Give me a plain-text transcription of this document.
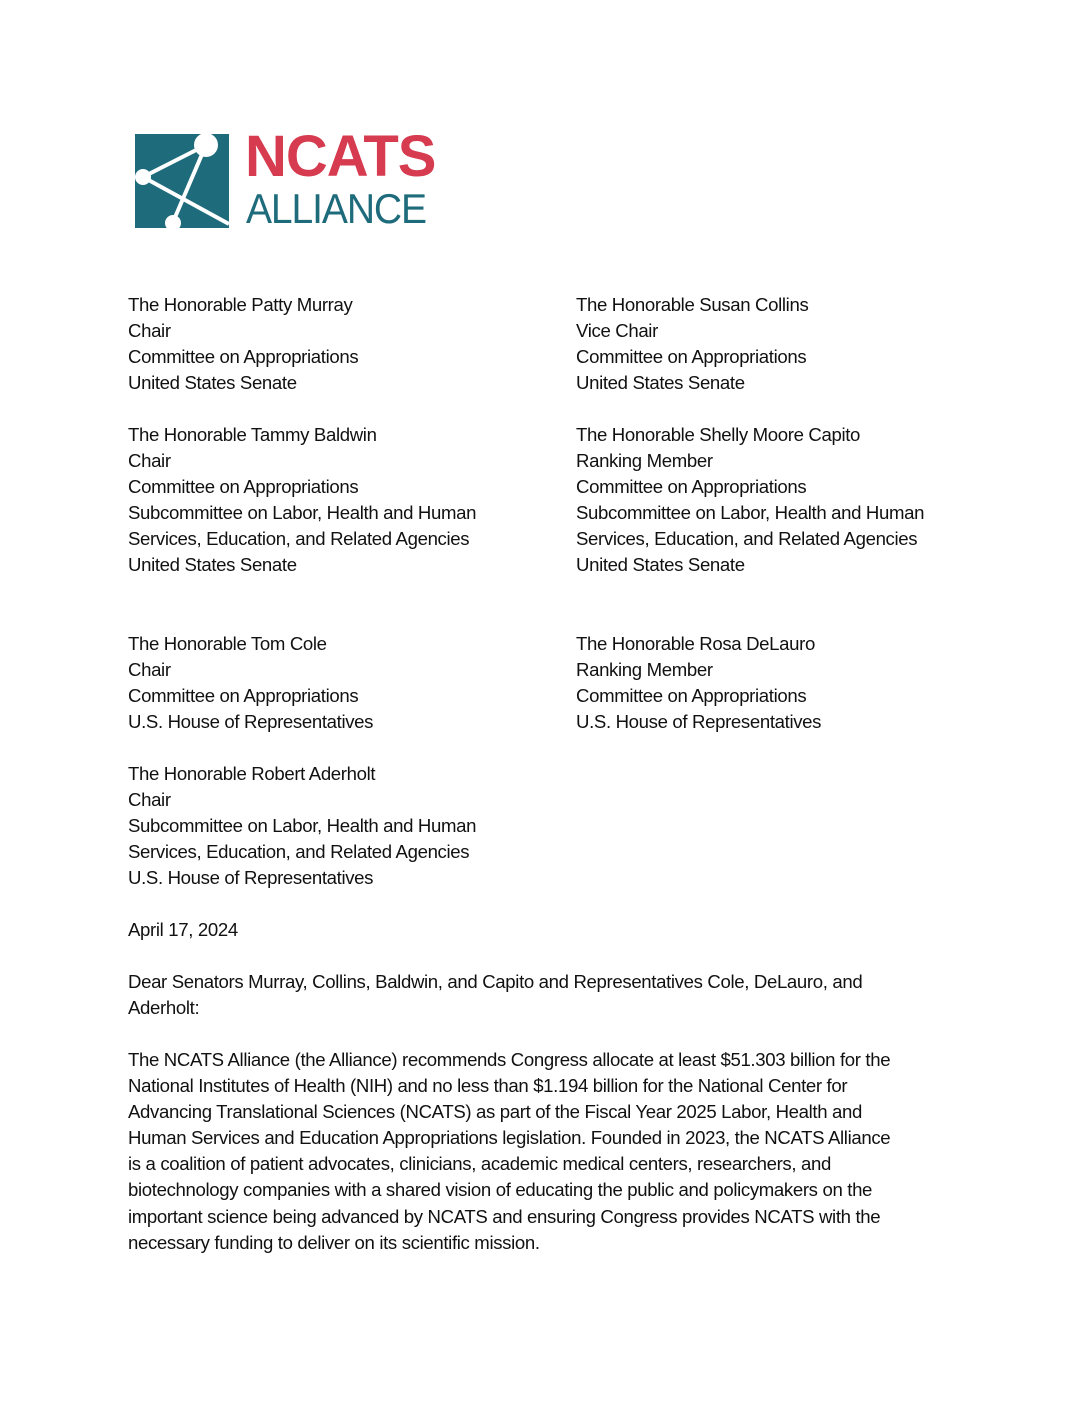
NCATS
ALLIANCE
The Honorable Patty Murray
Chair
Committee on Appropriations
United States Senate
The Honorable Susan Collins
Vice Chair
Committee on Appropriations
United States Senate
The Honorable Tammy Baldwin
Chair
Committee on Appropriations
Subcommittee on Labor, Health and Human
Services, Education, and Related Agencies
United States Senate
The Honorable Shelly Moore Capito
Ranking Member
Committee on Appropriations
Subcommittee on Labor, Health and Human
Services, Education, and Related Agencies
United States Senate
The Honorable Tom Cole
Chair
Committee on Appropriations
U.S. House of Representatives
The Honorable Rosa DeLauro
Ranking Member
Committee on Appropriations
U.S. House of Representatives
The Honorable Robert Aderholt
Chair
Subcommittee on Labor, Health and Human
Services, Education, and Related Agencies
U.S. House of Representatives
April 17, 2024
Dear Senators Murray, Collins, Baldwin, and Capito and Representatives Cole, DeLauro, and
Aderholt:
The NCATS Alliance (the Alliance) recommends Congress allocate at least $51.303 billion for the
National Institutes of Health (NIH) and no less than $1.194 billion for the National Center for
Advancing Translational Sciences (NCATS) as part of the Fiscal Year 2025 Labor, Health and
Human Services and Education Appropriations legislation. Founded in 2023, the NCATS Alliance
is a coalition of patient advocates, clinicians, academic medical centers, researchers, and
biotechnology companies with a shared vision of educating the public and policymakers on the
important science being advanced by NCATS and ensuring Congress provides NCATS with the
necessary funding to deliver on its scientific mission.
